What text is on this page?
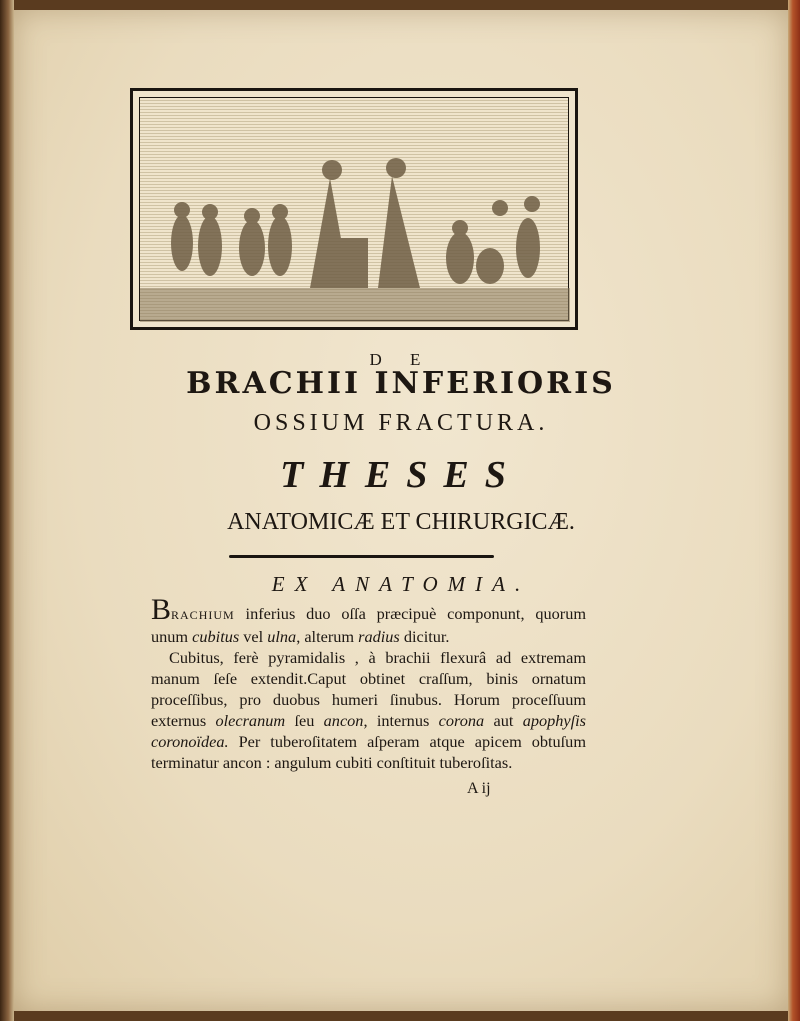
D E
BRACHII INFERIORIS
OSSIUM FRACTURA.
THESES
ANATOMICÆ ET CHIRURGICÆ.
EX ANATOMIA.

BRACHIUM inferius duo oſſa præcipuè componunt, quorum unum cubitus vel ulna, alterum radius dicitur.

Cubitus, ferè pyramidalis , à brachii flexurâ ad extremam manum ſeſe extendit.Caput obtinet craſſum, binis ornatum proceſſibus, pro duobus humeri ſinubus. Horum proceſſuum externus olecranum ſeu ancon, internus corona aut apophyſis coronoïdea. Per tuberoſitatem aſperam atque apicem obtuſum terminatur ancon : angulum cubiti conſtituit tuberoſitas.

A ij
